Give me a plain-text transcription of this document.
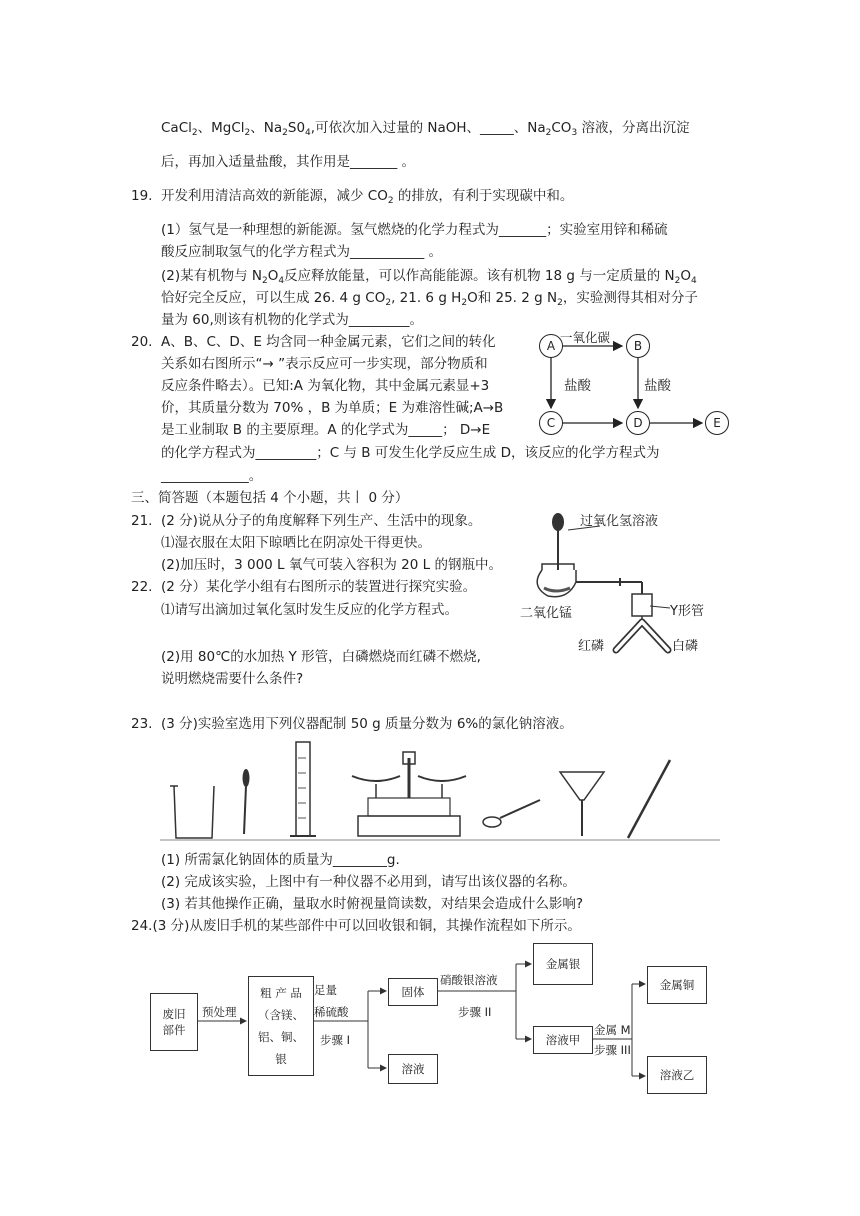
CaCl$_2$、MgCl$_2$、$Na_2S0_4$,可依次加入过量的 NaOH、_____、$Na_2CO_3$ 溶液，分离出沉淀
后，再加入适量盐酸，其作用是_______ 。
19. 开发利用清洁高效的新能源，减少 $CO_2$ 的排放，有利于实现碳中和。
(1）氢气是一种理想的新能源。氢气燃烧的化学力程式为_______；实验室用锌和稀硫
酸反应制取氢气的化学方程式为___________ 。
(2)某有机物与 $N_2O_4$反应释放能量，可以作高能能源。该有机物 18 g 与一定质量的 $N_2O_4$
恰好完全反应，可以生成 26. 4 g $CO_2$, 21. 6 g $H_2O$和 25. 2 g $N_2$，实验测得其相对分子
量为 60,则该有机物的化学式为_________。
20. A、B、C、D、E 均含同一种金属元素，它们之间的转化
关系如右图所示“→ ”表示反应可一步实现，部分物质和
反应条件略去）。已知:A 为氧化物，其中金属元素显+3
价，其质量分数为 70% ，B 为单质；E 为难溶性碱;A→B
是工业制取 B 的主要原理。A 的化学式为_____； D→E
的化学方程式为_________；C 与 B 可发生化学反应生成 D，该反应的化学方程式为
_____________。
A	B
C	D	E
一氧化碳
盐酸	盐酸
三、简答题（本题包括 4 个小题，共丨 0 分）
21. (2 分)说从分子的角度解释下列生产、生活中的现象。
⑴湿衣服在太阳下晾晒比在阴凉处干得更快。
(2)加压时，3 000 L 氧气可装入容积为 20 L 的钢瓶中。
22. (2 分）某化学小组有右图所示的装置进行探究实验。
⑴请写出滴加过氧化氢时发生反应的化学方程式。
(2)用 80℃的水加热 Y 形管，白磷燃烧而红磷不燃烧,
说明燃烧需要什么条件?
过氧化氢溶液
二氧化锰	Y形管
红磷	白磷
23. (3 分)实验室选用下列仪器配制 50 g 质量分数为 6%的氯化钠溶液。
(1) 所需氯化钠固体的质量为________g.
(2) 完成该实验，上图中有一种仪器不必用到，请写出该仪器的名称。
(3) 若其他操作正确，量取水时俯视量筒读数，对结果会造成什么影响?
24.(3 分)从废旧手机的某些部件中可以回收银和铜，其操作流程如下所示。
废旧
部件
预处理
粗 产 品
（含镁、
铝、铜、
银
足量
稀硫酸
步骤 I
固体
溶液
硝酸银溶液
步骤 II
金属银
溶液甲
金属 M
步骤 III
金属铜
溶液乙
